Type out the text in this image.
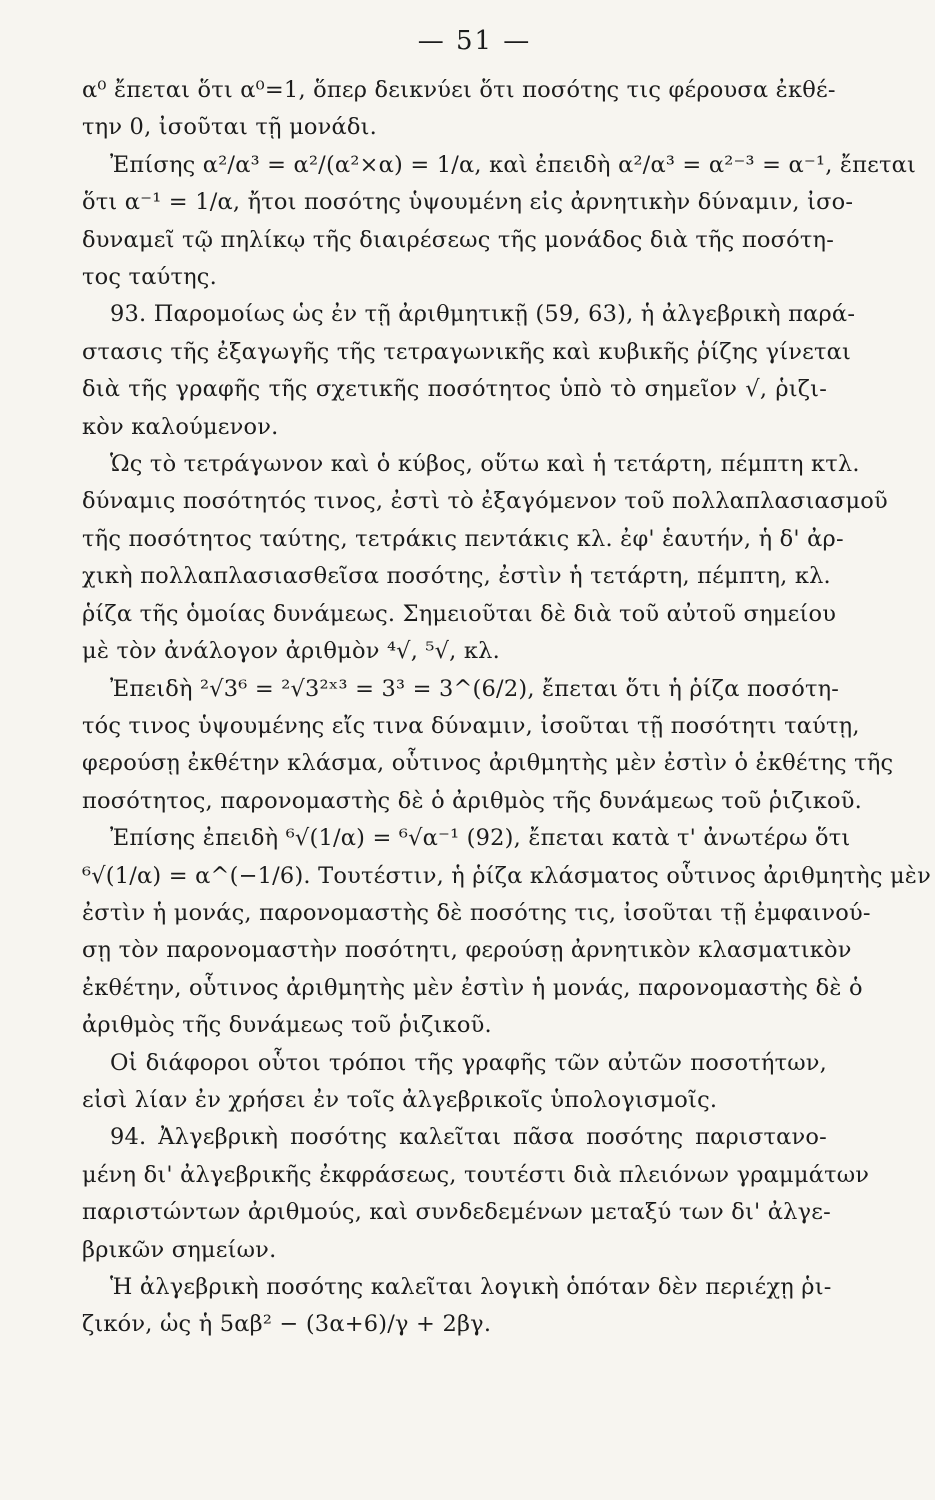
— 51 —
α⁰ ἔπεται ὅτι α⁰=1, ὅπερ δεικνύει ὅτι ποσότης τις φέρουσα ἐκθέ-
την 0, ἰσοῦται τῇ μονάδι.
Ἐπίσης α²/α³ = α²/(α²×α) = 1/α, καὶ ἐπειδὴ α²/α³ = α²⁻³ = α⁻¹, ἔπεται
ὅτι α⁻¹ = 1/α, ἤτοι ποσότης ὑψουμένη εἰς ἀρνητικὴν δύναμιν, ἰσο-
δυναμεῖ τῷ πηλίκῳ τῆς διαιρέσεως τῆς μονάδος διὰ τῆς ποσότη-
τος ταύτης.
93. Παρομοίως ὡς ἐν τῇ ἀριθμητικῇ (59, 63), ἡ ἀλγεβρικὴ παρά-
στασις τῆς ἐξαγωγῆς τῆς τετραγωνικῆς καὶ κυβικῆς ῥίζης γίνεται
διὰ τῆς γραφῆς τῆς σχετικῆς ποσότητος ὑπὸ τὸ σημεῖον √, ῥιζι-
κὸν καλούμενον.
Ὡς τὸ τετράγωνον καὶ ὁ κύβος, οὕτω καὶ ἡ τετάρτη, πέμπτη κτλ.
δύναμις ποσότητός τινος, ἐστὶ τὸ ἐξαγόμενον τοῦ πολλαπλασιασμοῦ
τῆς ποσότητος ταύτης, τετράκις πεντάκις κλ. ἐφ' ἑαυτήν, ἡ δ' ἀρ-
χικὴ πολλαπλασιασθεῖσα ποσότης, ἐστὶν ἡ τετάρτη, πέμπτη, κλ.
ῥίζα τῆς ὁμοίας δυνάμεως. Σημειοῦται δὲ διὰ τοῦ αὐτοῦ σημείου
μὲ τὸν ἀνάλογον ἀριθμὸν ⁴√, ⁵√, κλ.
Ἐπειδὴ ²√3⁶ = ²√3²ˣ³ = 3³ = 3^(6/2), ἔπεται ὅτι ἡ ῥίζα ποσότη-
τός τινος ὑψουμένης εἴς τινα δύναμιν, ἰσοῦται τῇ ποσότητι ταύτῃ,
φερούσῃ ἐκθέτην κλάσμα, οὗτινος ἀριθμητὴς μὲν ἐστὶν ὁ ἐκθέτης τῆς
ποσότητος, παρονομαστὴς δὲ ὁ ἀριθμὸς τῆς δυνάμεως τοῦ ῥιζικοῦ.
Ἐπίσης ἐπειδὴ ⁶√(1/α) = ⁶√α⁻¹ (92), ἔπεται κατὰ τ' ἀνωτέρω ὅτι
⁶√(1/α) = α^(−1/6). Τουτέστιν, ἡ ῥίζα κλάσματος οὗτινος ἀριθμητὴς μὲν
ἐστὶν ἡ μονάς, παρονομαστὴς δὲ ποσότης τις, ἰσοῦται τῇ ἐμφαινού-
σῃ τὸν παρονομαστὴν ποσότητι, φερούσῃ ἀρνητικὸν κλασματικὸν
ἐκθέτην, οὗτινος ἀριθμητὴς μὲν ἐστὶν ἡ μονάς, παρονομαστὴς δὲ ὁ
ἀριθμὸς τῆς δυνάμεως τοῦ ῥιζικοῦ.
Οἱ διάφοροι οὗτοι τρόποι τῆς γραφῆς τῶν αὐτῶν ποσοτήτων,
εἰσὶ λίαν ἐν χρήσει ἐν τοῖς ἀλγεβρικοῖς ὑπολογισμοῖς.
94. Ἀλγεβρικὴ ποσότης καλεῖται πᾶσα ποσότης παριστανο-
μένη δι' ἀλγεβρικῆς ἐκφράσεως, τουτέστι διὰ πλειόνων γραμμάτων
παριστώντων ἀριθμούς, καὶ συνδεδεμένων μεταξύ των δι' ἀλγε-
βρικῶν σημείων.
Ἡ ἀλγεβρικὴ ποσότης καλεῖται λογικὴ ὁπόταν δὲν περιέχῃ ῥι-
ζικόν, ὡς ἡ 5αβ² − (3α+6)/γ + 2βγ.
